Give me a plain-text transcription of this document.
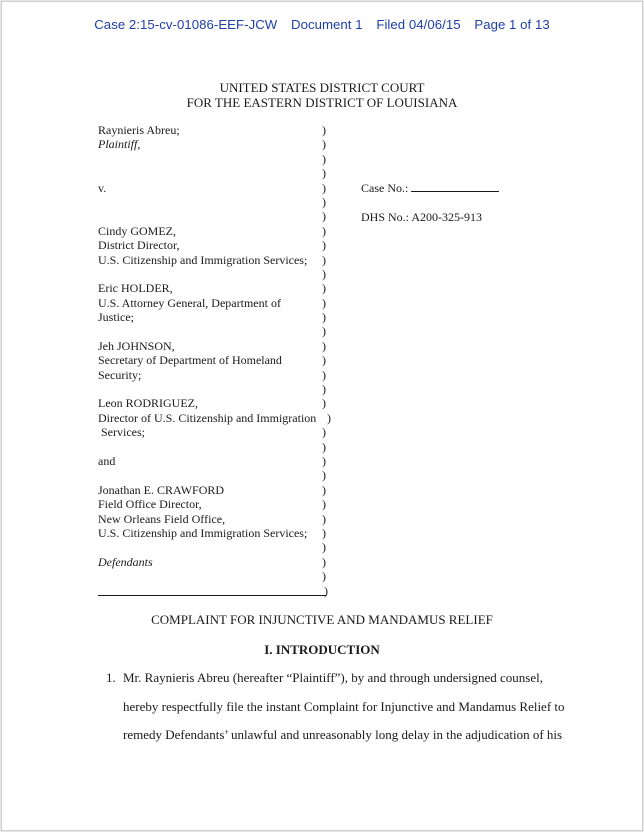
Case 2:15-cv-01086-EEF-JCW Document 1 Filed 04/06/15 Page 1 of 13
UNITED STATES DISTRICT COURT
FOR THE EASTERN DISTRICT OF LOUISIANA
Raynieris Abreu;	)
Plaintiff,	)
)
)
v.	)
)
)
Cindy GOMEZ,	)
District Director,	)
U.S. Citizenship and Immigration Services; )
)
Eric HOLDER,	)
U.S. Attorney General, Department of	)
Justice;	)
)
Jeh JOHNSON,	)
Secretary of Department of Homeland	)
Security;	)
)
Leon RODRIGUEZ,	)
Director of U.S. Citizenship and Immigration )
Services;	)
)
and	)
)
Jonathan E. CRAWFORD	)
Field Office Director,	)
New Orleans Field Office,	)
U.S. Citizenship and Immigration Services; )
)
Defendants	)
)
)
Case No.:
DHS No.: A200-325-913
COMPLAINT FOR INJUNCTIVE AND MANDAMUS RELIEF
I. INTRODUCTION
1. Mr. Raynieris Abreu (hereafter “Plaintiff”), by and through undersigned counsel,
hereby respectfully file the instant Complaint for Injunctive and Mandamus Relief to
remedy Defendants’ unlawful and unreasonably long delay in the adjudication of his
